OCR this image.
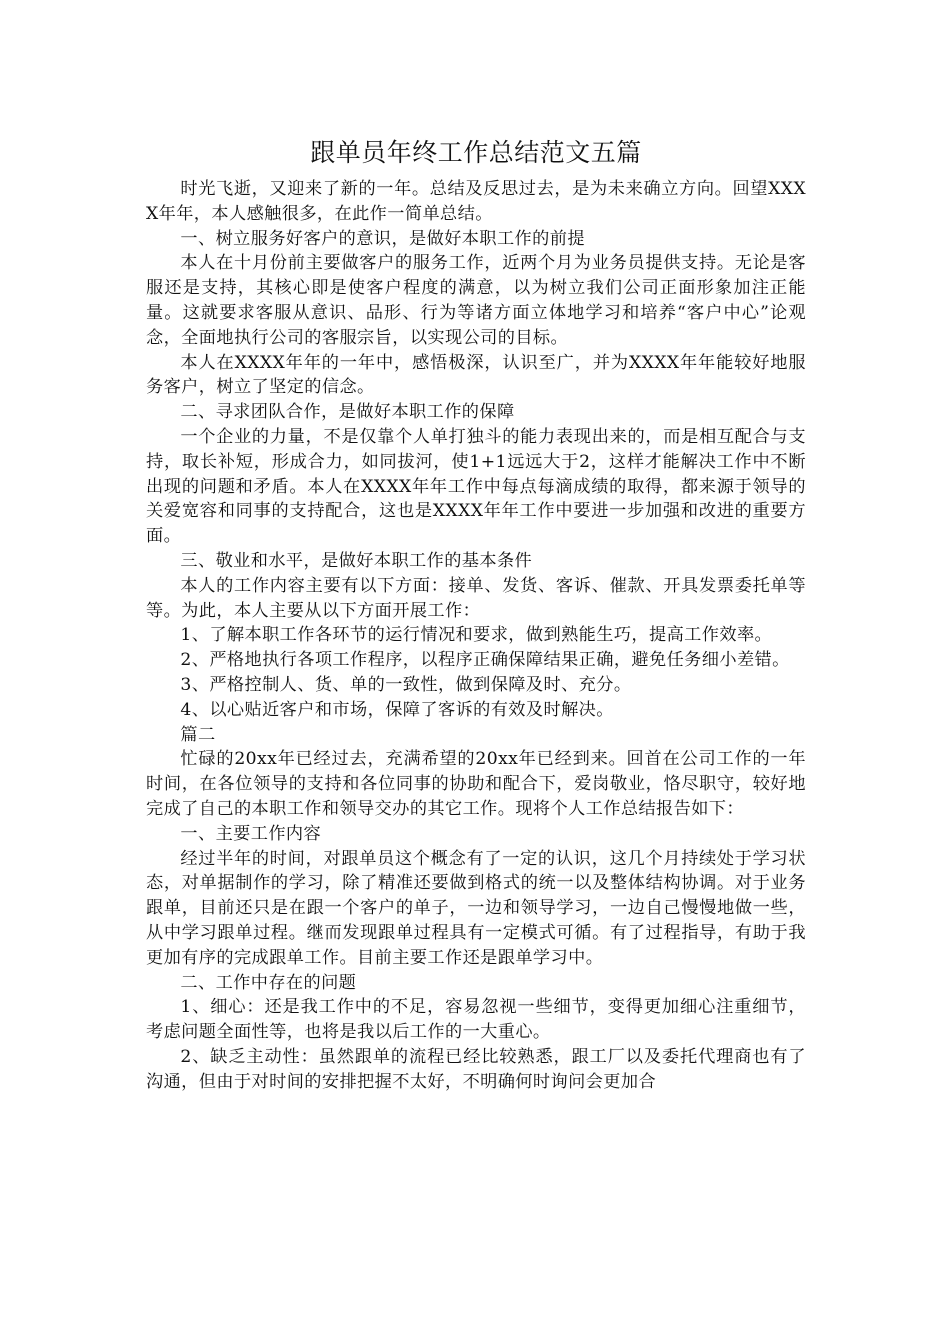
跟单员年终工作总结范文五篇

时光飞逝，又迎来了新的一年。总结及反思过去，是为未来确立方向。回望XXXX年年，本人感触很多，在此作一简单总结。

一、树立服务好客户的意识，是做好本职工作的前提

本人在十月份前主要做客户的服务工作，近两个月为业务员提供支持。无论是客服还是支持，其核心即是使客户程度的满意，以为树立我们公司正面形象加注正能量。这就要求客服从意识、品形、行为等诸方面立体地学习和培养“客户中心”论观念，全面地执行公司的客服宗旨，以实现公司的目标。

本人在XXXX年年的一年中，感悟极深，认识至广，并为XXXX年年能较好地服务客户，树立了坚定的信念。

二、寻求团队合作，是做好本职工作的保障

一个企业的力量，不是仅靠个人单打独斗的能力表现出来的，而是相互配合与支持，取长补短，形成合力，如同拔河，使1+1远远大于2，这样才能解决工作中不断出现的问题和矛盾。本人在XXXX年年工作中每点每滴成绩的取得，都来源于领导的关爱宽容和同事的支持配合，这也是XXXX年年工作中要进一步加强和改进的重要方面。

三、敬业和水平，是做好本职工作的基本条件

本人的工作内容主要有以下方面：接单、发货、客诉、催款、开具发票委托单等等。为此，本人主要从以下方面开展工作：

1、了解本职工作各环节的运行情况和要求，做到熟能生巧，提高工作效率。

2、严格地执行各项工作程序，以程序正确保障结果正确，避免任务细小差错。

3、严格控制人、货、单的一致性，做到保障及时、充分。

4、以心贴近客户和市场，保障了客诉的有效及时解决。

篇二

忙碌的20xx年已经过去，充满希望的20xx年已经到来。回首在公司工作的一年时间，在各位领导的支持和各位同事的协助和配合下，爱岗敬业，恪尽职守，较好地完成了自己的本职工作和领导交办的其它工作。现将个人工作总结报告如下：

一、主要工作内容

经过半年的时间，对跟单员这个概念有了一定的认识，这几个月持续处于学习状态，对单据制作的学习，除了精准还要做到格式的统一以及整体结构协调。对于业务跟单，目前还只是在跟一个客户的单子，一边和领导学习，一边自己慢慢地做一些，从中学习跟单过程。继而发现跟单过程具有一定模式可循。有了过程指导，有助于我更加有序的完成跟单工作。目前主要工作还是跟单学习中。

二、工作中存在的问题

1、细心：还是我工作中的不足，容易忽视一些细节，变得更加细心注重细节，考虑问题全面性等，也将是我以后工作的一大重心。

2、缺乏主动性：虽然跟单的流程已经比较熟悉，跟工厂以及委托代理商也有了沟通，但由于对时间的安排把握不太好，不明确何时询问会更加合
